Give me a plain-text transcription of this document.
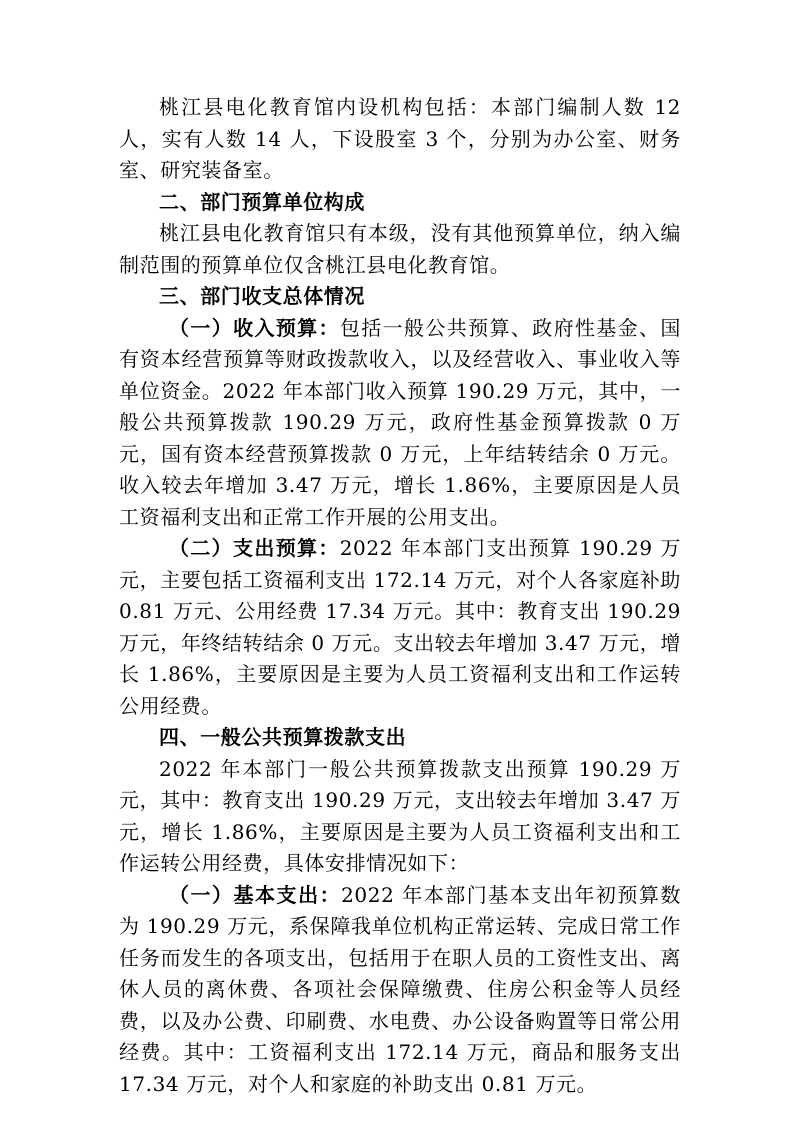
桃江县电化教育馆内设机构包括：本部门编制人数 12 人，实有人数 14 人，下设股室 3 个，分别为办公室、财务室、研究装备室。

二、部门预算单位构成

桃江县电化教育馆只有本级，没有其他预算单位，纳入编制范围的预算单位仅含桃江县电化教育馆。

三、部门收支总体情况

（一）收入预算：包括一般公共预算、政府性基金、国有资本经营预算等财政拨款收入，以及经营收入、事业收入等单位资金。2022 年本部门收入预算 190.29 万元，其中，一般公共预算拨款 190.29 万元，政府性基金预算拨款 0 万元，国有资本经营预算拨款 0 万元，上年结转结余 0 万元。收入较去年增加 3.47 万元，增长 1.86%，主要原因是人员工资福利支出和正常工作开展的公用支出。

（二）支出预算：2022 年本部门支出预算 190.29 万元，主要包括工资福利支出 172.14 万元，对个人各家庭补助 0.81 万元、公用经费 17.34 万元。其中：教育支出 190.29 万元，年终结转结余 0 万元。支出较去年增加 3.47 万元，增长 1.86%，主要原因是主要为人员工资福利支出和工作运转公用经费。

四、一般公共预算拨款支出

2022 年本部门一般公共预算拨款支出预算 190.29 万元，其中：教育支出 190.29 万元，支出较去年增加 3.47 万元，增长 1.86%，主要原因是主要为人员工资福利支出和工作运转公用经费，具体安排情况如下：

（一）基本支出：2022 年本部门基本支出年初预算数为 190.29 万元，系保障我单位机构正常运转、完成日常工作任务而发生的各项支出，包括用于在职人员的工资性支出、离休人员的离休费、各项社会保障缴费、住房公积金等人员经费，以及办公费、印刷费、水电费、办公设备购置等日常公用经费。其中：工资福利支出 172.14 万元，商品和服务支出 17.34 万元，对个人和家庭的补助支出 0.81 万元。
